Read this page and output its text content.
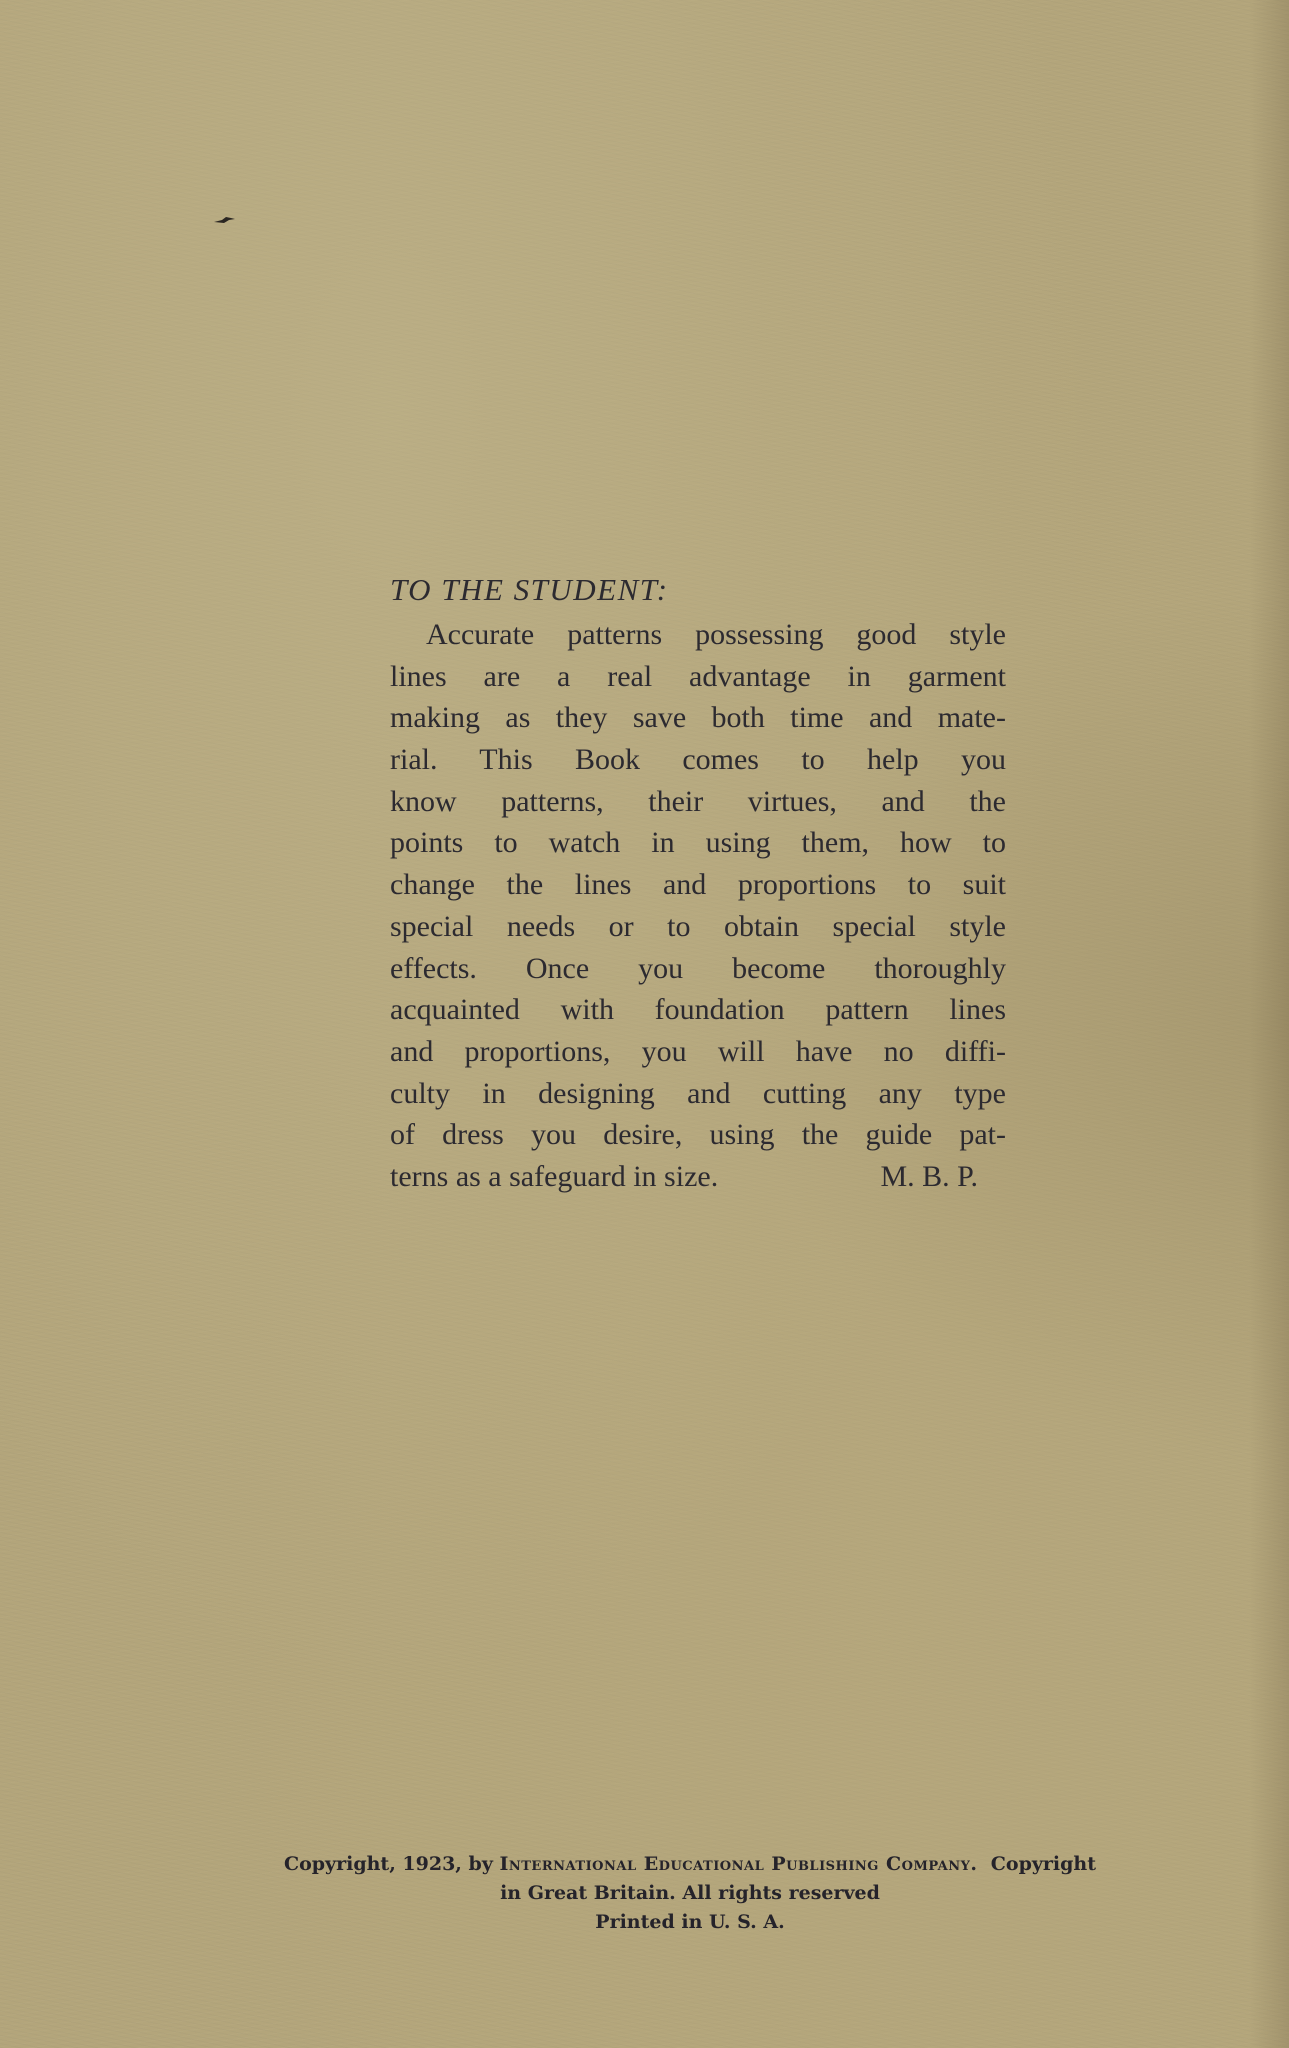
TO THE STUDENT:
Accurate patterns possessing good style
lines are a real advantage in garment
making as they save both time and mate-
rial. This Book comes to help you
know patterns, their virtues, and the
points to watch in using them, how to
change the lines and proportions to suit
special needs or to obtain special style
effects. Once you become thoroughly
acquainted with foundation pattern lines
and proportions, you will have no diffi-
culty in designing and cutting any type
of dress you desire, using the guide pat-
terns as a safeguard in size.	M. B. P.
Copyright, 1923, by International Educational Publishing Company. Copyright
in Great Britain. All rights reserved
Printed in U. S. A.
